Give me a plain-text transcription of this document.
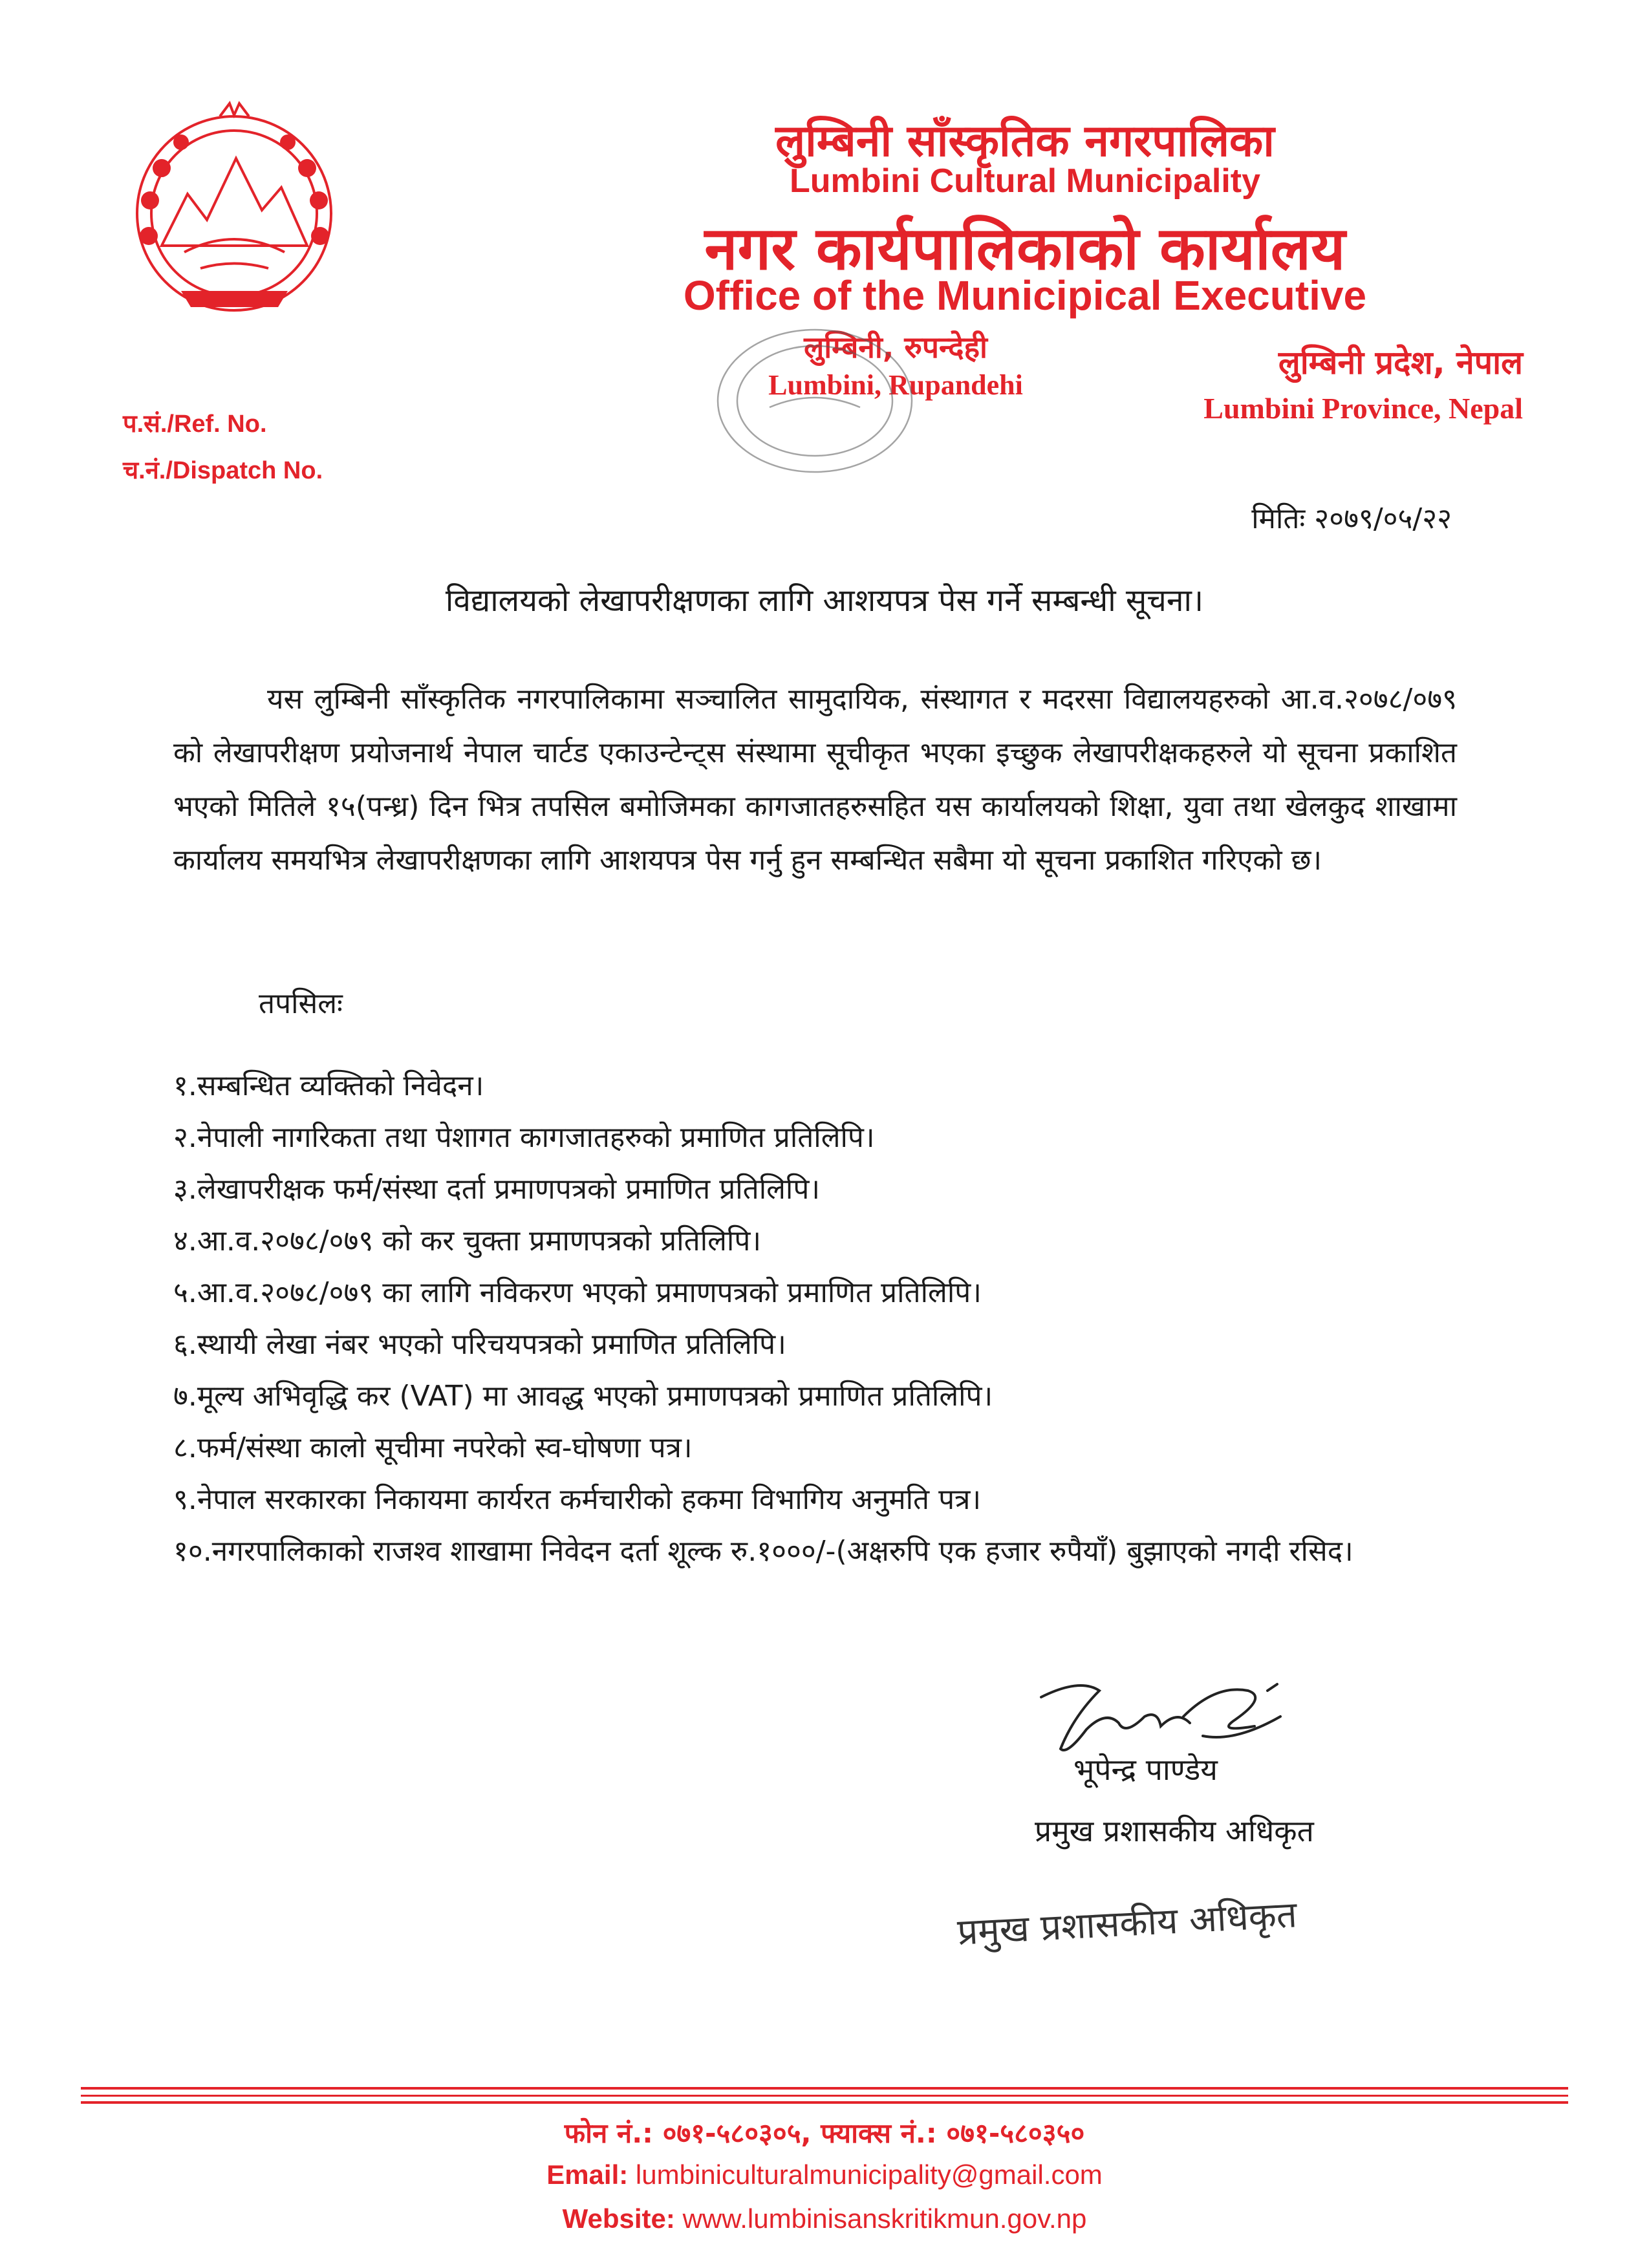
लुम्बिनी साँस्कृतिक नगरपालिका
Lumbini Cultural Municipality
नगर कार्यपालिकाको कार्यालय
Office of the Municipical Executive
लुम्बिनी, रुपन्देही
Lumbini, Rupandehi
लुम्बिनी प्रदेश, नेपाल
Lumbini Province, Nepal
प.सं./Ref. No.
च.नं./Dispatch No.
मितिः २०७९/०५/२२
विद्यालयको लेखापरीक्षणका लागि आशयपत्र पेस गर्ने सम्बन्धी सूचना।

यस लुम्बिनी साँस्कृतिक नगरपालिकामा सञ्चालित सामुदायिक, संस्थागत र मदरसा विद्यालयहरुको आ.व.२०७८/०७९ को लेखापरीक्षण प्रयोजनार्थ नेपाल चार्टड एकाउन्टेन्ट्स संस्थामा सूचीकृत भएका इच्छुक लेखापरीक्षकहरुले यो सूचना प्रकाशित भएको मितिले १५(पन्ध्र) दिन भित्र तपसिल बमोजिमका कागजातहरुसहित यस कार्यालयको शिक्षा, युवा तथा खेलकुद शाखामा कार्यालय समयभित्र लेखापरीक्षणका लागि आशयपत्र पेस गर्नु हुन सम्बन्धित सबैमा यो सूचना प्रकाशित गरिएको छ।

तपसिलः
१.सम्बन्धित व्यक्तिको निवेदन।
२.नेपाली नागरिकता तथा पेशागत कागजातहरुको प्रमाणित प्रतिलिपि।
३.लेखापरीक्षक फर्म/संस्था दर्ता प्रमाणपत्रको प्रमाणित प्रतिलिपि।
४.आ.व.२०७८/०७९ को कर चुक्ता प्रमाणपत्रको प्रतिलिपि।
५.आ.व.२०७८/०७९ का लागि नविकरण भएको प्रमाणपत्रको प्रमाणित प्रतिलिपि।
६.स्थायी लेखा नंबर भएको परिचयपत्रको प्रमाणित प्रतिलिपि।
७.मूल्य अभिवृद्धि कर (VAT) मा आवद्ध भएको प्रमाणपत्रको प्रमाणित प्रतिलिपि।
८.फर्म/संस्था कालो सूचीमा नपरेको स्व-घोषणा पत्र।
९.नेपाल सरकारका निकायमा कार्यरत कर्मचारीको हकमा विभागिय अनुमति पत्र।
१०.नगरपालिकाको राजश्व शाखामा निवेदन दर्ता शूल्क रु.१०००/-(अक्षरुपि एक हजार रुपैयाँ) बुझाएको नगदी रसिद।
भूपेन्द्र पाण्डेय
प्रमुख प्रशासकीय अधिकृत
प्रमुख प्रशासकीय अधिकृत
फोन नं.: ०७१-५८०३०५, फ्याक्स नं.: ०७१-५८०३५०
Email: lumbiniculturalmunicipality@gmail.com
Website: www.lumbinisanskritikmun.gov.np
